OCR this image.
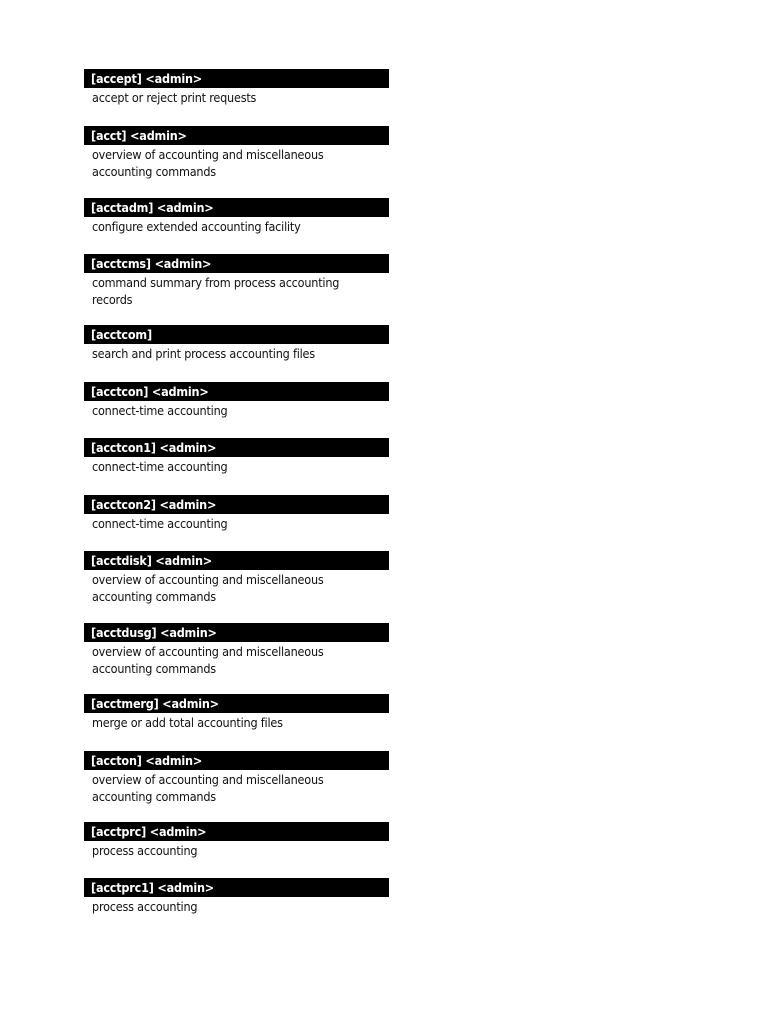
[accept] <admin>
accept or reject print requests
[acct] <admin>
overview of accounting and miscellaneous accounting commands
[acctadm] <admin>
configure extended accounting facility
[acctcms] <admin>
command summary from process accounting records
[acctcom]
search and print process accounting files
[acctcon] <admin>
connect-time accounting
[acctcon1] <admin>
connect-time accounting
[acctcon2] <admin>
connect-time accounting
[acctdisk] <admin>
overview of accounting and miscellaneous accounting commands
[acctdusg] <admin>
overview of accounting and miscellaneous accounting commands
[acctmerg] <admin>
merge or add total accounting files
[accton] <admin>
overview of accounting and miscellaneous accounting commands
[acctprc] <admin>
process accounting
[acctprc1] <admin>
process accounting
